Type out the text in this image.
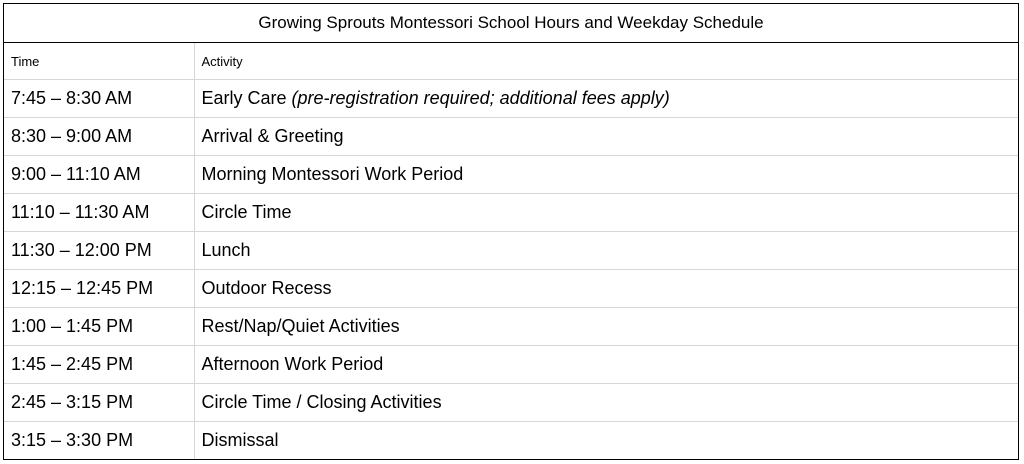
Growing Sprouts Montessori School Hours and Weekday Schedule	
Time	Activity
7:45 – 8:30 AM	Early Care (pre-registration required; additional fees apply)
8:30 – 9:00 AM	Arrival & Greeting
9:00 – 11:10 AM	Morning Montessori Work Period
11:10 – 11:30 AM	Circle Time
11:30 – 12:00 PM	Lunch
12:15 – 12:45 PM	Outdoor Recess
1:00 – 1:45 PM	Rest/Nap/Quiet Activities
1:45 – 2:45 PM	Afternoon Work Period
2:45 – 3:15 PM	Circle Time / Closing Activities
3:15 – 3:30 PM	Dismissal
